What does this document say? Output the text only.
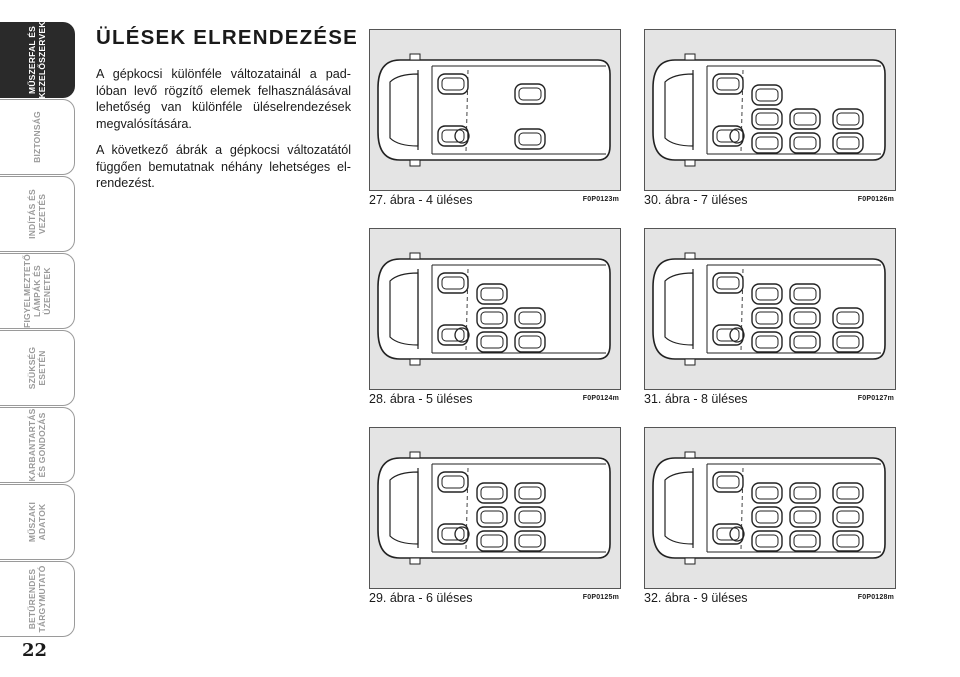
MŰSZERFAL ÉS
KEZELŐSZERVEK
BIZTONSÁG
INDÍTÁS ÉS
VEZETÉS
FIGYELMEZTETŐ
LÁMPÁK ÉS
ÜZENETEK
SZÜKSÉG
ESETÉN
KARBANTARTÁS
ÉS GONDOZÁS
MŰSZAKI
ADATOK
BETŰRENDES
TÁRGYMUTATÓ
22
ÜLÉSEK ELRENDEZÉSE

A gépkocsi különféle változatainál a pad-lóban levő rögzítő elemek felhasználásával lehetőség van különféle üléselrendezések megvalósítására.

A következő ábrák a gépkocsi változatától függően bemutatnak néhány lehetséges el-rendezést.

27. ábra - 4 üléses	F0P0123m 30. ábra - 7 üléses	F0P0126m
28. ábra - 5 üléses	F0P0124m 31. ábra - 8 üléses	F0P0127m
29. ábra - 6 üléses	F0P0125m 32. ábra - 9 üléses	F0P0128m
